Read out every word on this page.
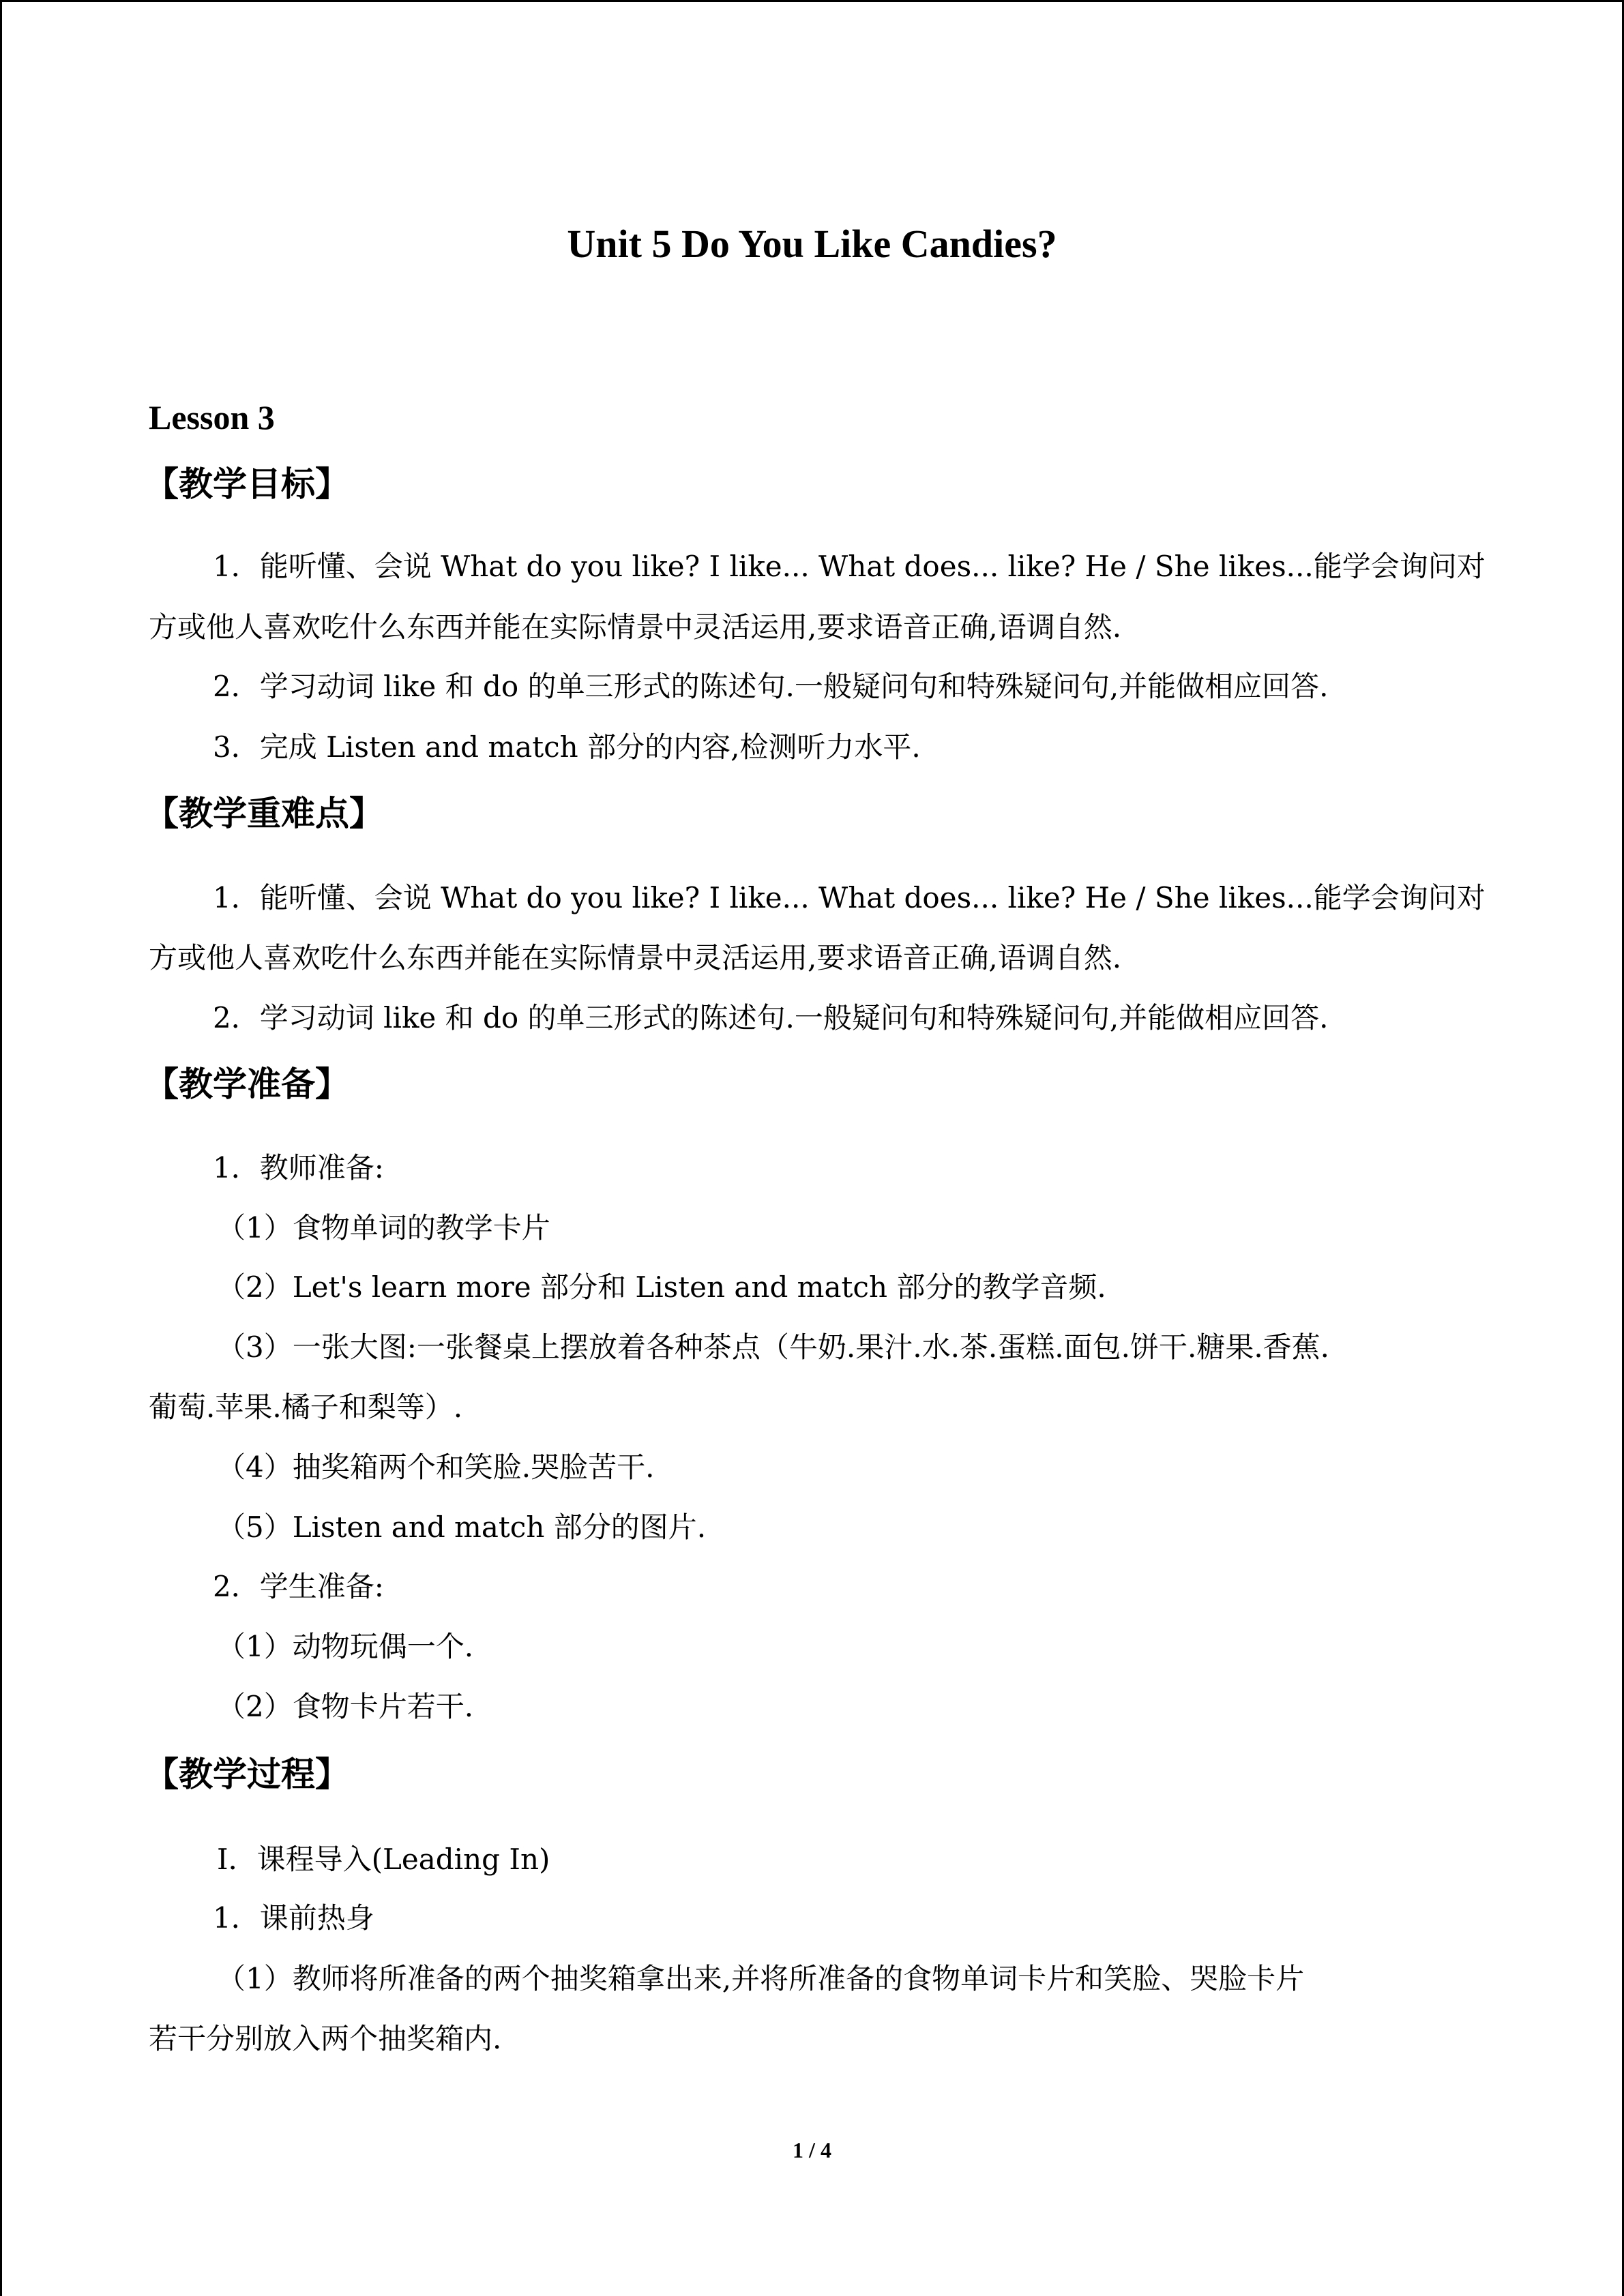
Unit 5 Do You Like Candies?
Lesson 3
【教学目标】
1．能听懂、会说 What do you like? I like... What does... like? He / She likes...能学会询问对
方或他人喜欢吃什么东西并能在实际情景中灵活运用,要求语音正确,语调自然.
2．学习动词 like 和 do 的单三形式的陈述句.一般疑问句和特殊疑问句,并能做相应回答.
3．完成 Listen and match 部分的内容,检测听力水平.
【教学重难点】
1．能听懂、会说 What do you like? I like... What does... like? He / She likes...能学会询问对
方或他人喜欢吃什么东西并能在实际情景中灵活运用,要求语音正确,语调自然.
2．学习动词 like 和 do 的单三形式的陈述句.一般疑问句和特殊疑问句,并能做相应回答.
【教学准备】
1．教师准备:
（1）食物单词的教学卡片
（2）Let's learn more 部分和 Listen and match 部分的教学音频.
（3）一张大图:一张餐桌上摆放着各种茶点（牛奶.果汁.水.茶.蛋糕.面包.饼干.糖果.香蕉.
葡萄.苹果.橘子和梨等）.
（4）抽奖箱两个和笑脸.哭脸苦干.
（5）Listen and match 部分的图片.
2．学生准备:
（1）动物玩偶一个.
（2）食物卡片若干.
【教学过程】
Ⅰ．课程导入(Leading In)
1．课前热身
（1）教师将所准备的两个抽奖箱拿出来,并将所准备的食物单词卡片和笑脸、哭脸卡片
若干分别放入两个抽奖箱内.
1 / 4
